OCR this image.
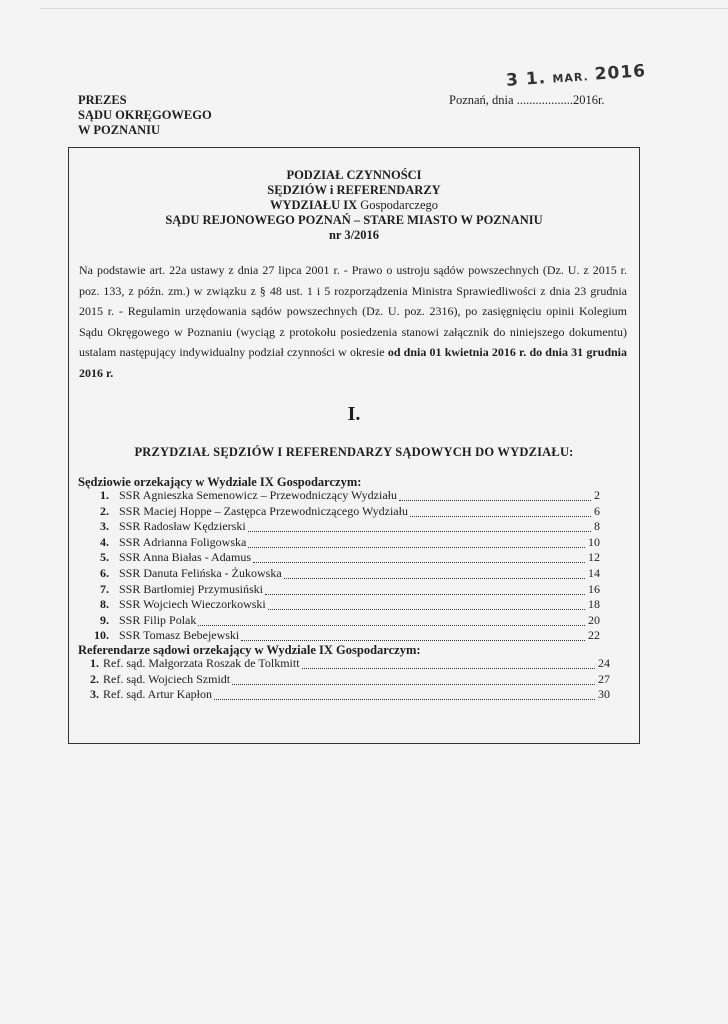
3 1. MAR. 2016
PREZES
SĄDU OKRĘGOWEGO
W POZNANIU
Poznań, dnia ..................2016r.
PODZIAŁ CZYNNOŚCI
SĘDZIÓW i REFERENDARZY
WYDZIAŁU IX Gospodarczego
SĄDU REJONOWEGO POZNAŃ – STARE MIASTO W POZNANIU
nr 3/2016
Na podstawie art. 22a ustawy z dnia 27 lipca 2001 r. - Prawo o ustroju sądów powszechnych (Dz. U. z 2015 r. poz. 133, z późn. zm.) w związku z § 48 ust. 1 i 5 rozporządzenia Ministra Sprawiedliwości z dnia 23 grudnia 2015 r. - Regulamin urzędowania sądów powszechnych (Dz. U. poz. 2316), po zasięgnięciu opinii Kolegium Sądu Okręgowego w Poznaniu (wyciąg z protokołu posiedzenia stanowi załącznik do niniejszego dokumentu) ustalam następujący indywidualny podział czynności w okresie od dnia 01 kwietnia 2016 r. do dnia 31 grudnia 2016 r.
I.
PRZYDZIAŁ SĘDZIÓW I REFERENDARZY SĄDOWYCH DO WYDZIAŁU:
Sędziowie orzekający w Wydziale IX Gospodarczym:
1. SSR Agnieszka Semenowicz – Przewodniczący Wydziału	2
2. SSR Maciej Hoppe – Zastępca Przewodniczącego Wydziału	6
3. SSR Radosław Kędzierski	8
4. SSR Adrianna Foligowska	10
5. SSR Anna Białas - Adamus	12
6. SSR Danuta Felińska - Żukowska	14
7. SSR Bartłomiej Przymusiński	16
8. SSR Wojciech Wieczorkowski	18
9. SSR Filip Polak	20
10. SSR Tomasz Bebejewski	22
Referendarze sądowi orzekający w Wydziale IX Gospodarczym:
1. Ref. sąd. Małgorzata Roszak de Tolkmitt	24
2. Ref. sąd. Wojciech Szmidt	27
3. Ref. sąd. Artur Kapłon	30
